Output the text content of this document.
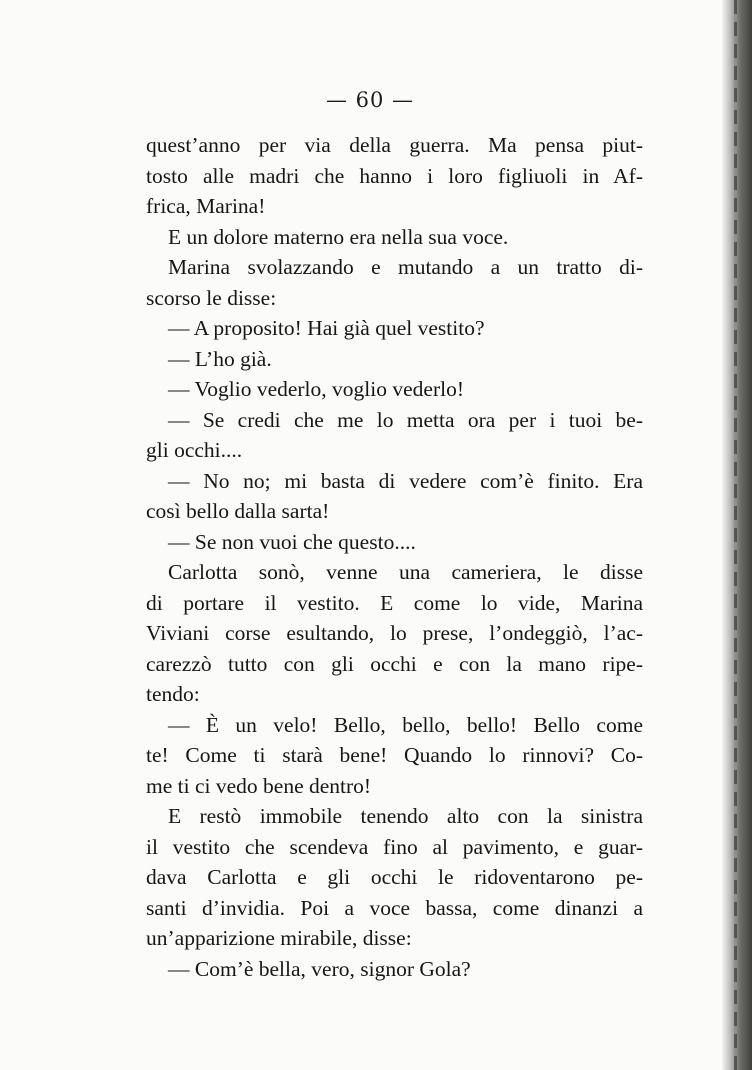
— 60 —
quest’anno per via della guerra. Ma pensa piut-
tosto alle madri che hanno i loro figliuoli in Af-
frica, Marina!
E un dolore materno era nella sua voce.
Marina svolazzando e mutando a un tratto di-
scorso le disse:
— A proposito! Hai già quel vestito?
— L’ho già.
— Voglio vederlo, voglio vederlo!
— Se credi che me lo metta ora per i tuoi be-
gli occhi....
— No no; mi basta di vedere com’è finito. Era
così bello dalla sarta!
— Se non vuoi che questo....
Carlotta sonò, venne una cameriera, le disse
di portare il vestito. E come lo vide, Marina
Viviani corse esultando, lo prese, l’ondeggiò, l’ac-
carezzò tutto con gli occhi e con la mano ripe-
tendo:
— È un velo! Bello, bello, bello! Bello come
te! Come ti starà bene! Quando lo rinnovi? Co-
me ti ci vedo bene dentro!
E restò immobile tenendo alto con la sinistra
il vestito che scendeva fino al pavimento, e guar-
dava Carlotta e gli occhi le ridoventarono pe-
santi d’invidia. Poi a voce bassa, come dinanzi a
un’apparizione mirabile, disse:
— Com’è bella, vero, signor Gola?
